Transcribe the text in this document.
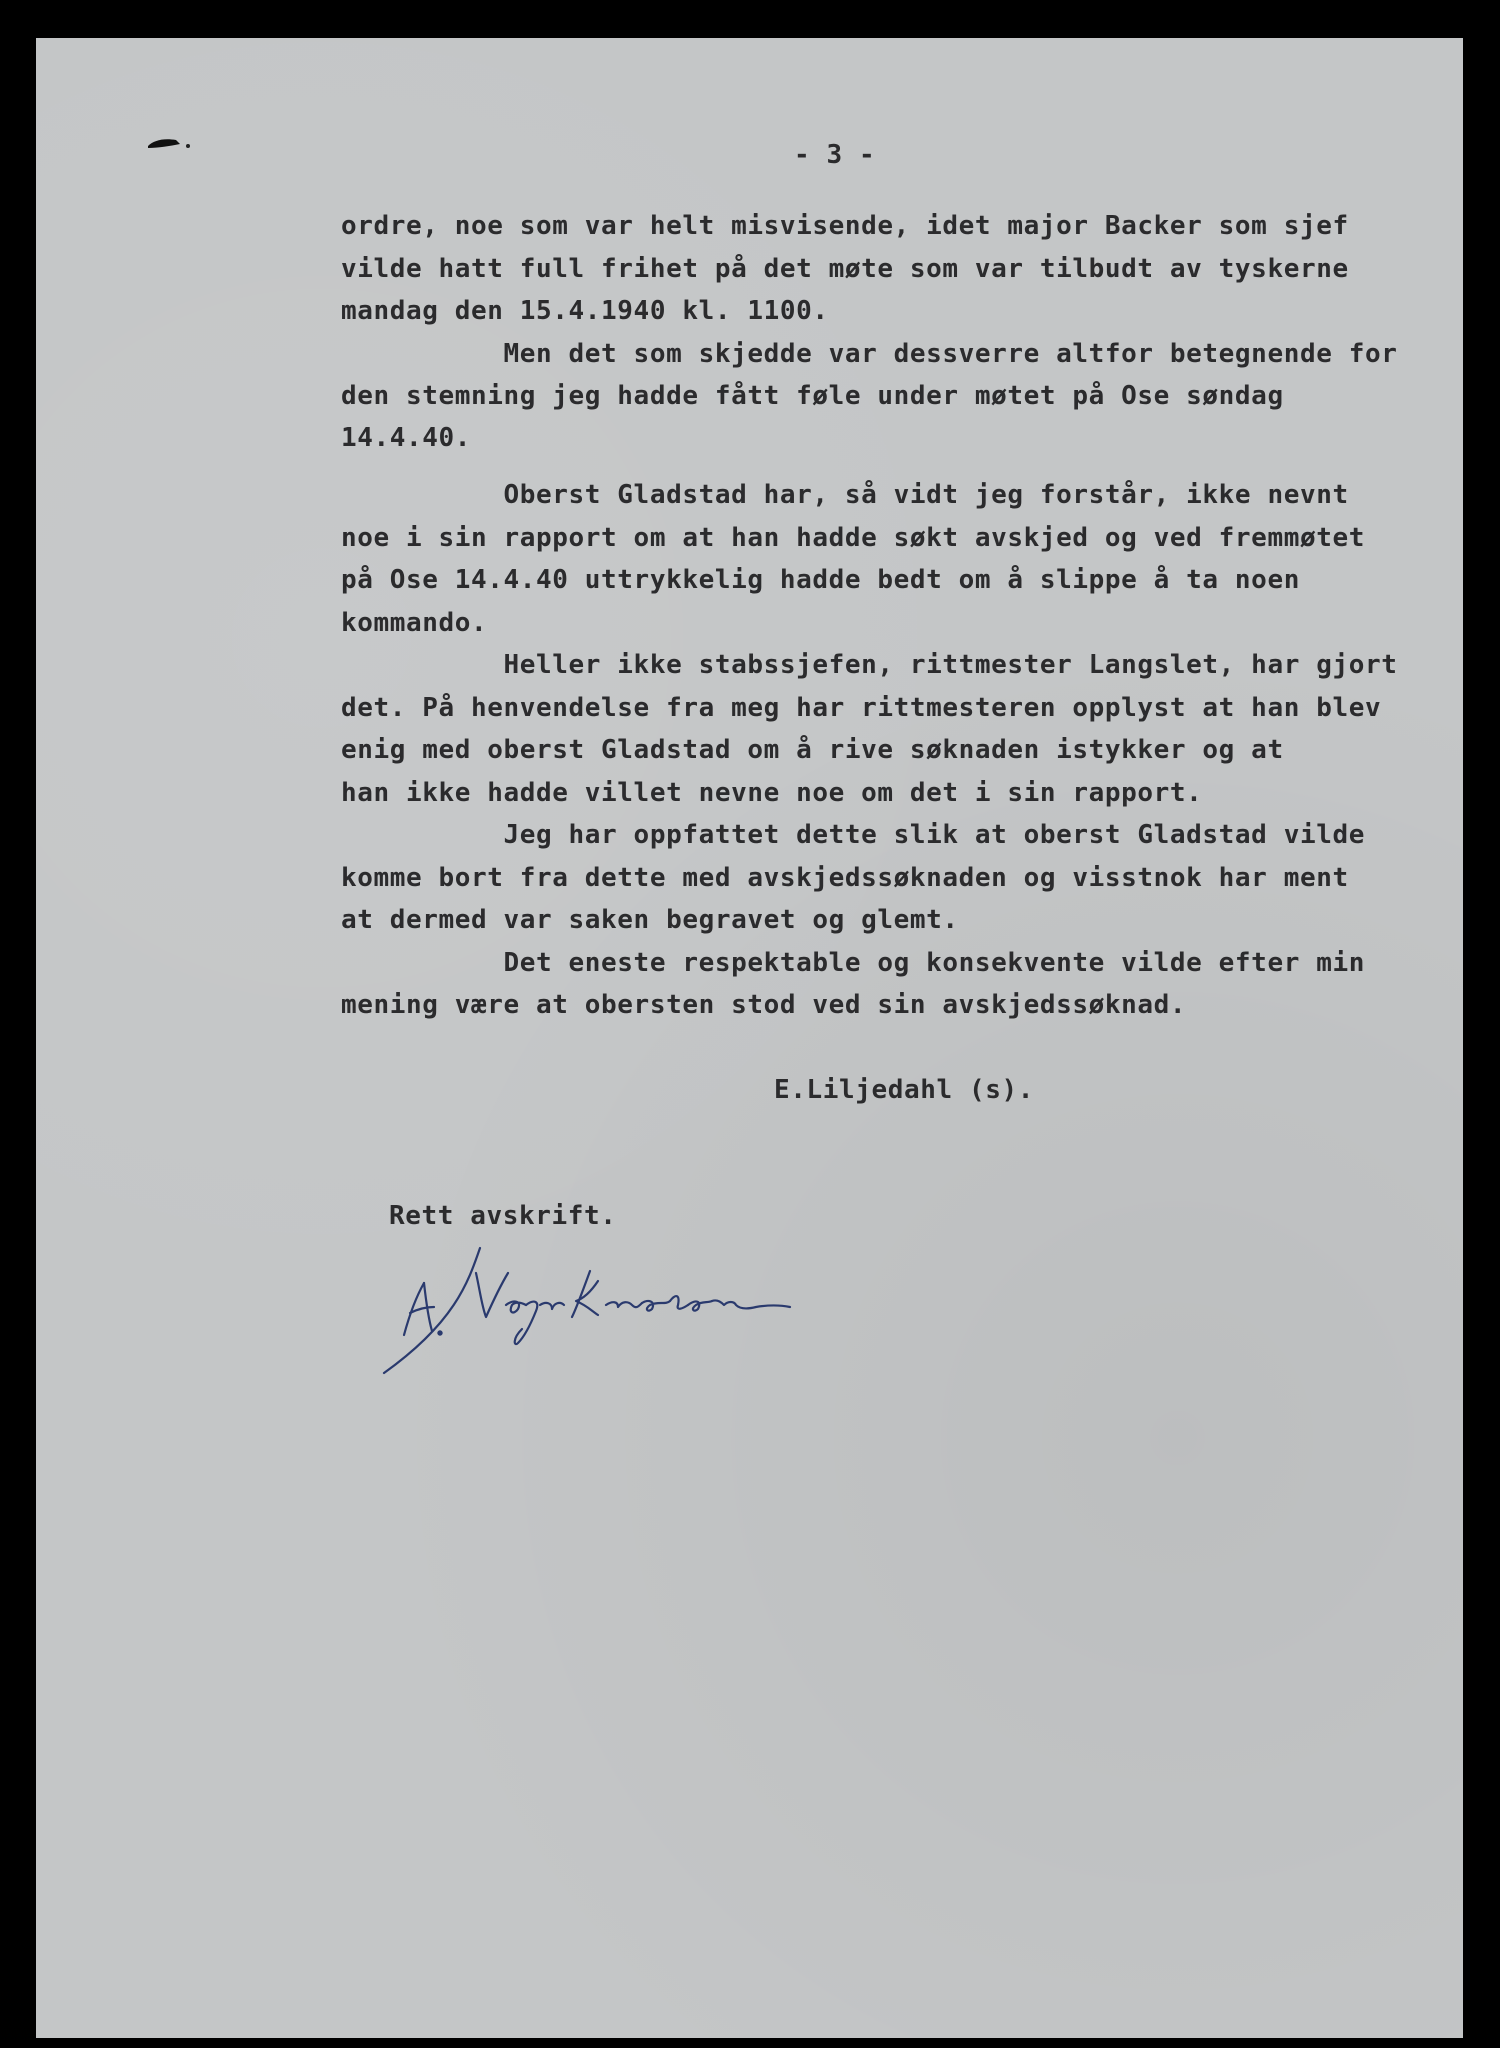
- 3 -

ordre, noe som var helt misvisende, idet major Backer som sjef

vilde hatt full frihet på det møte som var tilbudt av tyskerne

mandag den 15.4.1940 kl. 1100.

Men det som skjedde var dessverre altfor betegnende for

den stemning jeg hadde fått føle under møtet på Ose søndag

14.4.40.

Oberst Gladstad har, så vidt jeg forstår, ikke nevnt

noe i sin rapport om at han hadde søkt avskjed og ved fremmøtet

på Ose 14.4.40 uttrykkelig hadde bedt om å slippe å ta noen

kommando.

Heller ikke stabssjefen, rittmester Langslet, har gjort

det. På henvendelse fra meg har rittmesteren opplyst at han blev

enig med oberst Gladstad om å rive søknaden istykker og at

han ikke hadde villet nevne noe om det i sin rapport.

Jeg har oppfattet dette slik at oberst Gladstad vilde

komme bort fra dette med avskjedssøknaden og visstnok har ment

at dermed var saken begravet og glemt.

Det eneste respektable og konsekvente vilde efter min

mening være at obersten stod ved sin avskjedssøknad.

E.Liljedahl (s).

Rett avskrift.
